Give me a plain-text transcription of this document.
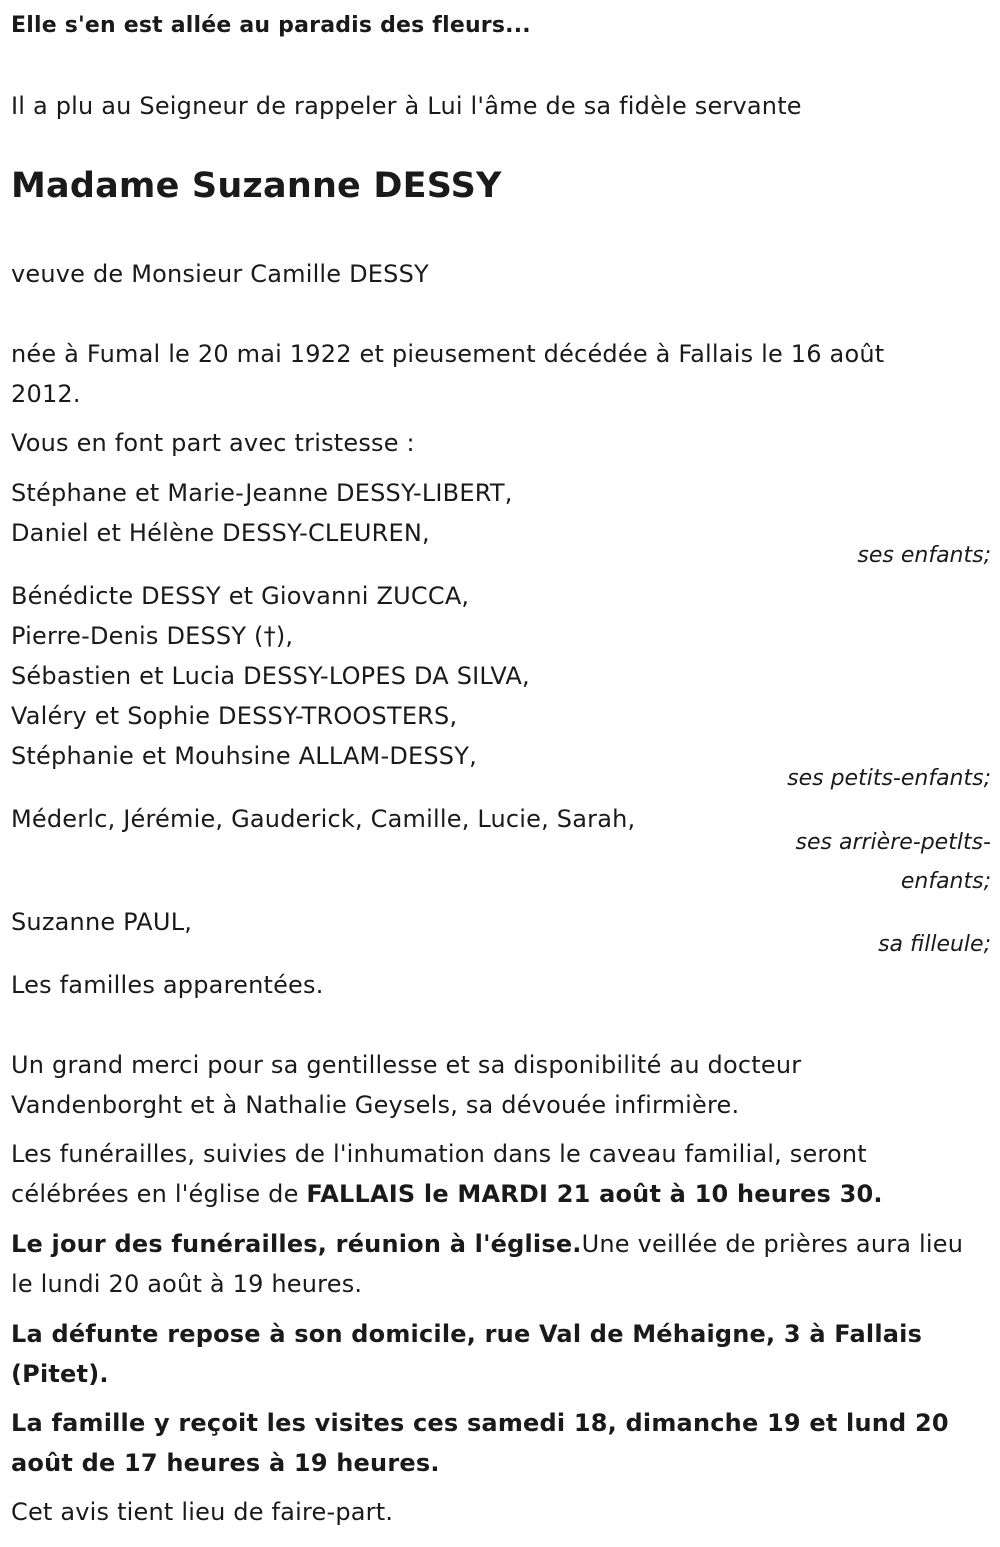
Elle s'en est allée au paradis des fleurs...
Il a plu au Seigneur de rappeler à Lui l'âme de sa fidèle servante
Madame Suzanne DESSY
veuve de Monsieur Camille DESSY
née à Fumal le 20 mai 1922 et pieusement décédée à Fallais le 16 août
2012.
Vous en font part avec tristesse :
Stéphane et Marie-Jeanne DESSY-LIBERT,
Daniel et Hélène DESSY-CLEUREN,
ses enfants;
Bénédicte DESSY et Giovanni ZUCCA,
Pierre-Denis DESSY (†),
Sébastien et Lucia DESSY-LOPES DA SILVA,
Valéry et Sophie DESSY-TROOSTERS,
Stéphanie et Mouhsine ALLAM-DESSY,
ses petits-enfants;
Méderlc, Jérémie, Gauderick, Camille, Lucie, Sarah,
ses arrière-petlts-
enfants;
Suzanne PAUL,
sa filleule;
Les familles apparentées.
Un grand merci pour sa gentillesse et sa disponibilité au docteur
Vandenborght et à Nathalie Geysels, sa dévouée infirmière.
Les funérailles, suivies de l'inhumation dans le caveau familial, seront
célébrées en l'église de FALLAIS le MARDI 21 août à 10 heures 30.
Le jour des funérailles, réunion à l'église.Une veillée de prières aura lieu
le lundi 20 août à 19 heures.
La défunte repose à son domicile, rue Val de Méhaigne, 3 à Fallais
(Pitet).
La famille y reçoit les visites ces samedi 18, dimanche 19 et lund 20
août de 17 heures à 19 heures.
Cet avis tient lieu de faire-part.
